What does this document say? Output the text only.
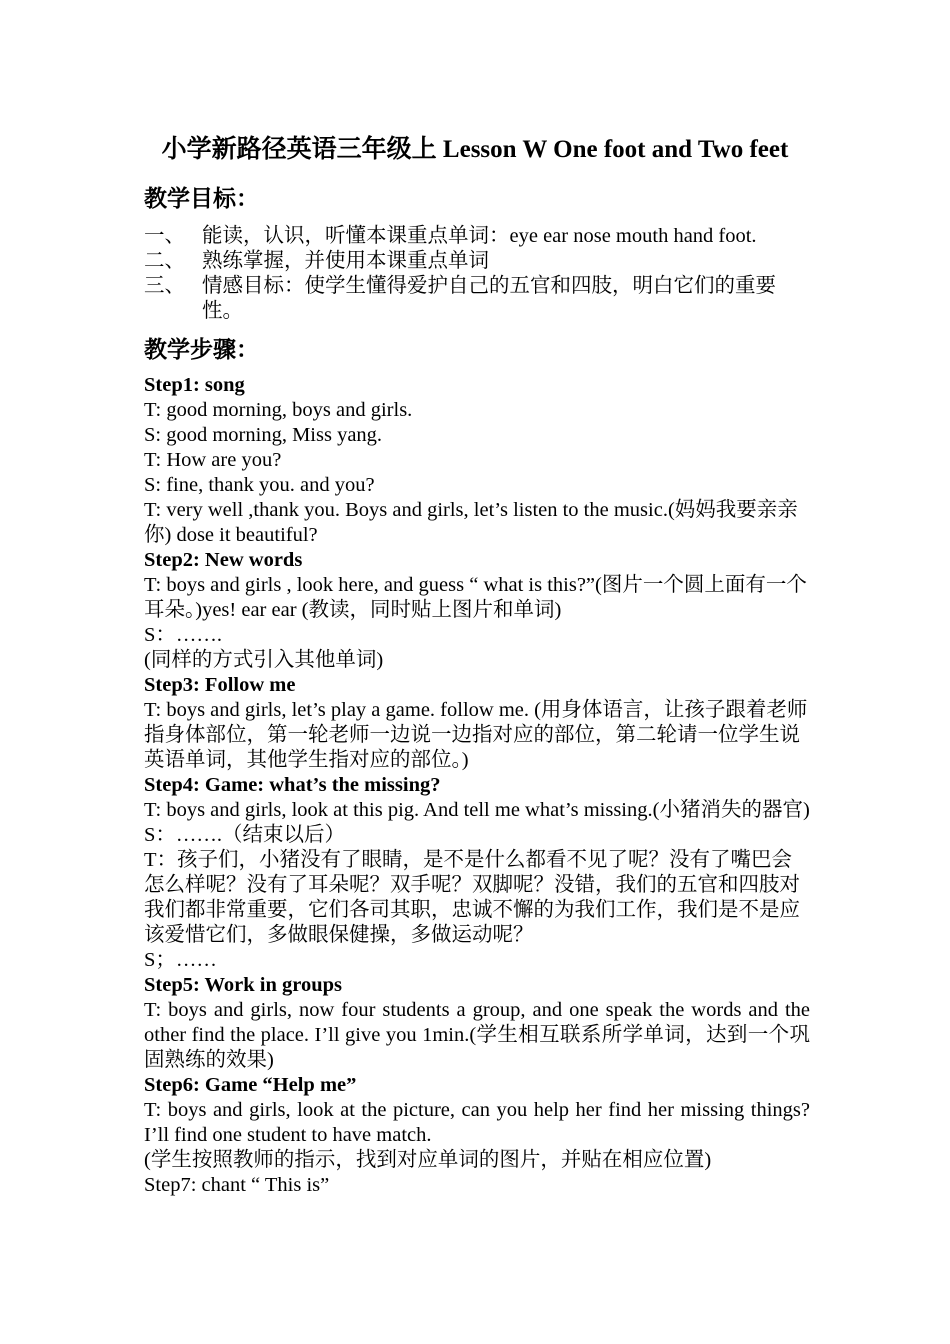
小学新路径英语三年级上 Lesson W One foot and Two feet
教学目标：
一、 能读，认识，听懂本课重点单词：eye ear nose mouth hand foot.
二、 熟练掌握，并使用本课重点单词
三、 情感目标：使学生懂得爱护自己的五官和四肢，明白它们的重要性。
教学步骤：

Step1: song

T: good morning, boys and girls.

S: good morning, Miss yang.

T: How are you?

S: fine, thank you. and you?

T: very well ,thank you. Boys and girls, let’s listen to the music.(妈妈我要亲亲你) dose it beautiful?

Step2: New words

T: boys and girls , look here, and guess “ what is this?”(图片一个圆上面有一个耳朵。)yes! ear ear (教读，同时贴上图片和单词)

S：…….

(同样的方式引入其他单词)

Step3: Follow me

T: boys and girls, let’s play a game. follow me. (用身体语言，让孩子跟着老师指身体部位，第一轮老师一边说一边指对应的部位，第二轮请一位学生说英语单词，其他学生指对应的部位。)

Step4: Game: what’s the missing?

T: boys and girls, look at this pig. And tell me what’s missing.(小猪消失的器官)

S：…….（结束以后）

T：孩子们，小猪没有了眼睛，是不是什么都看不见了呢？没有了嘴巴会怎么样呢？没有了耳朵呢？双手呢？双脚呢？没错，我们的五官和四肢对我们都非常重要，它们各司其职，忠诚不懈的为我们工作，我们是不是应该爱惜它们，多做眼保健操，多做运动呢？

S；……

Step5: Work in groups

T: boys and girls, now four students a group, and one speak the words and the other find the place. I’ll give you 1min.(学生相互联系所学单词，达到一个巩固熟练的效果)

Step6: Game “Help me”

T: boys and girls, look at the picture, can you help her find her missing things?I’ll find one student to have match.

(学生按照教师的指示，找到对应单词的图片，并贴在相应位置)

Step7: chant “ This is”
